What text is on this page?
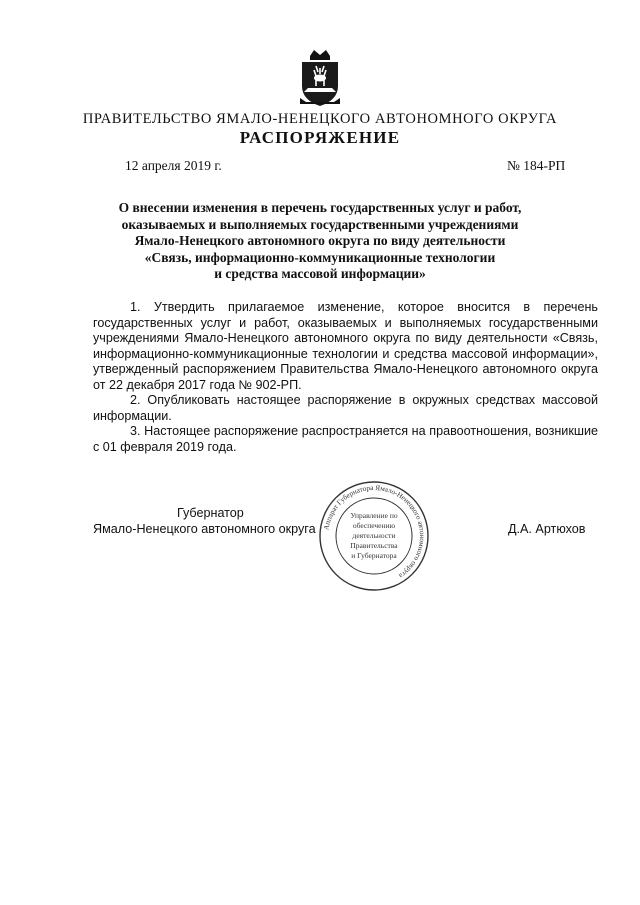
ПРАВИТЕЛЬСТВО ЯМАЛО-НЕНЕЦКОГО АВТОНОМНОГО ОКРУГА
РАСПОРЯЖЕНИЕ
12 апреля 2019 г.	№ 184-РП
О внесении изменения в перечень государственных услуг и работ,
оказываемых и выполняемых государственными учреждениями
Ямало-Ненецкого автономного округа по виду деятельности
«Связь, информационно-коммуникационные технологии
и средства массовой информации»

1. Утвердить прилагаемое изменение, которое вносится в перечень государственных услуг и работ, оказываемых и выполняемых государственными учреждениями Ямало-Ненецкого автономного округа по виду деятельности «Связь, информационно-коммуникационные технологии и средства массовой информации», утвержденный распоряжением Правительства Ямало-Ненецкого автономного округа от 22 декабря 2017 года № 902-РП.

2. Опубликовать настоящее распоряжение в окружных средствах массовой информации.

3. Настоящее распоряжение распространяется на правоотношения, возникшие с 01 февраля 2019 года.

Аппарат Губернатора Ямало-Ненецкого автономного округа
Управление по
обеспечению
деятельности
Правительства
и Губернатора
Губернатор
Ямало-Ненецкого автономного округа	Д.А. Артюхов
